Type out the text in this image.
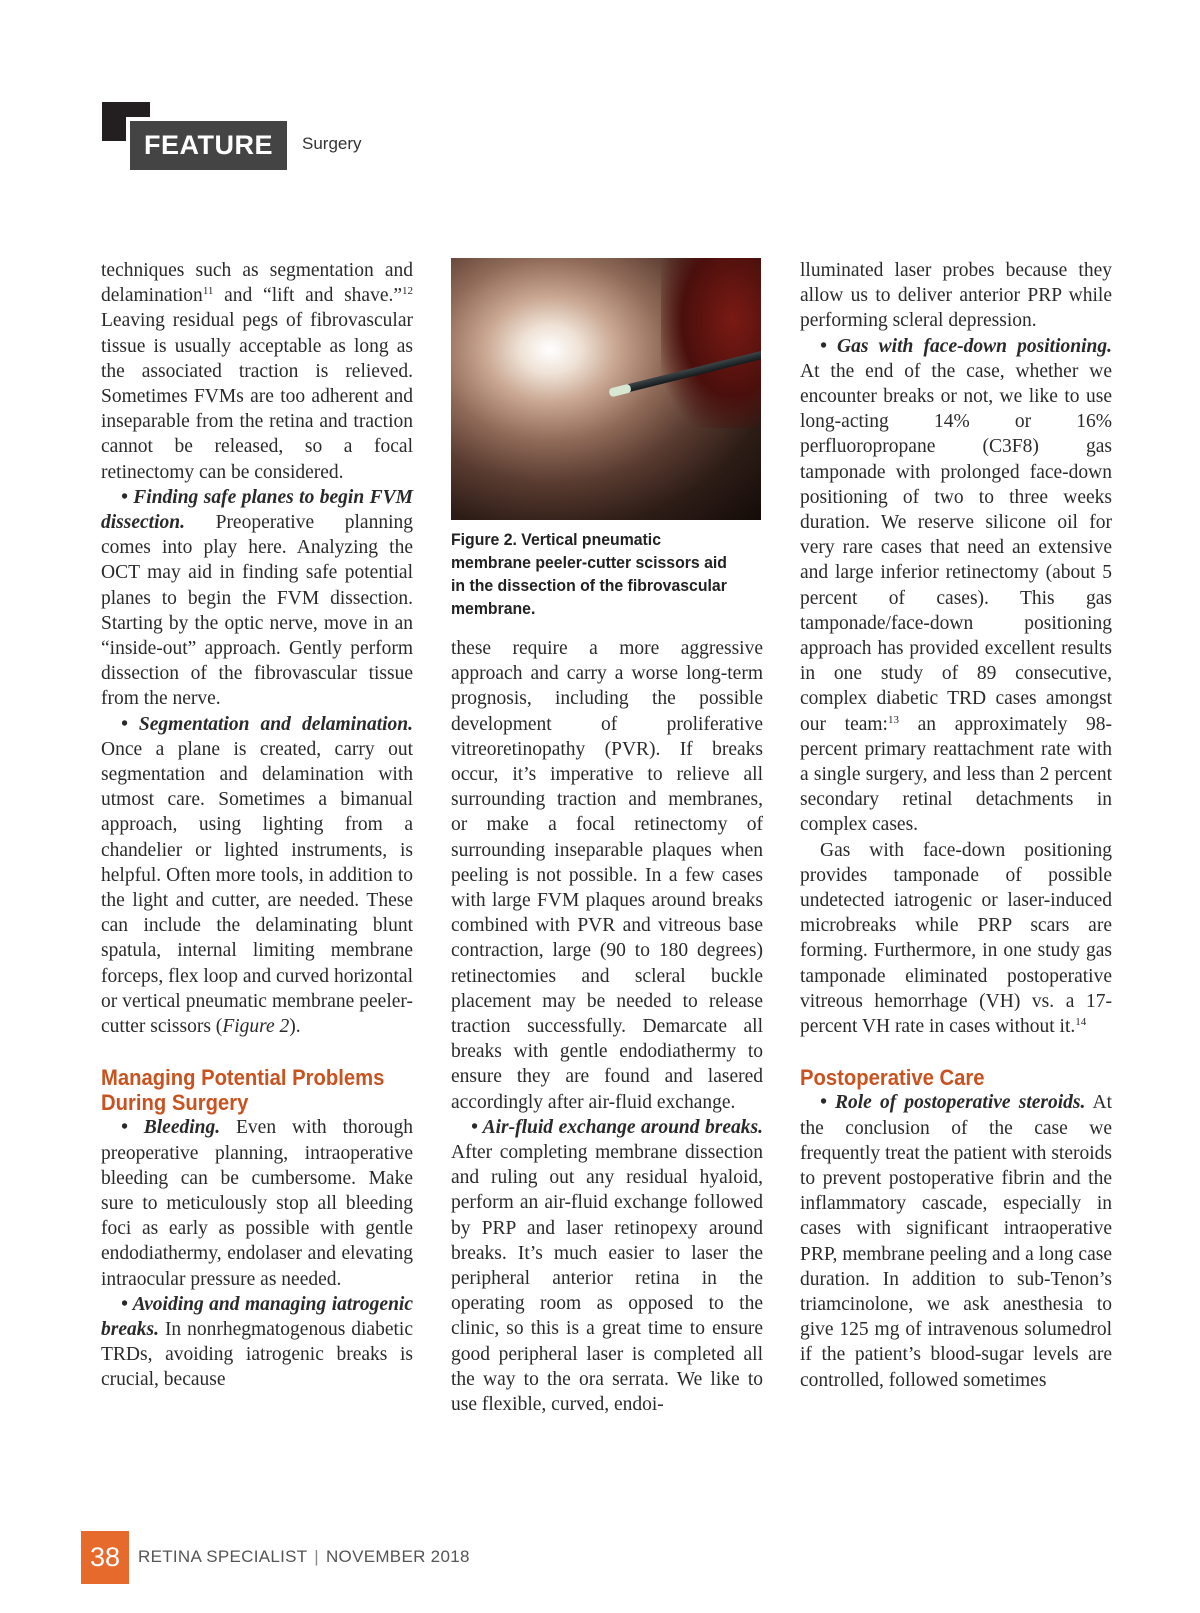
FEATURE	Surgery

techniques such as segmentation and delamination$^{11}$ and “lift and shave.”$^{12}$ Leaving residual pegs of fibrovascular tissue is usually acceptable as long as the associated traction is relieved. Sometimes FVMs are too adherent and inseparable from the retina and traction cannot be released, so a focal retinectomy can be considered.

• Finding safe planes to begin FVM dissection. Preoperative planning comes into play here. Analyzing the OCT may aid in finding safe potential planes to begin the FVM dissection. Starting by the optic nerve, move in an “inside-out” approach. Gently perform dissection of the fibrovascular tissue from the nerve.

• Segmentation and delamination. Once a plane is created, carry out segmentation and delamination with utmost care. Sometimes a bimanual approach, using lighting from a chandelier or lighted instruments, is helpful. Often more tools, in addition to the light and cutter, are needed. These can include the delaminating blunt spatula, internal limiting membrane forceps, flex loop and curved horizontal or vertical pneumatic membrane peeler-cutter scissors (Figure 2).

Managing Potential Problems During Surgery

• Bleeding. Even with thorough preoperative planning, intraoperative bleeding can be cumbersome. Make sure to meticulously stop all bleeding foci as early as possible with gentle endodiathermy, endolaser and elevating intraocular pressure as needed.

• Avoiding and managing iatrogenic breaks. In nonrhegmatogenous diabetic TRDs, avoiding iatrogenic breaks is crucial, because

Figure 2. Vertical pneumatic membrane peeler-cutter scissors aid in the dissection of the fibrovascular membrane.

these require a more aggressive approach and carry a worse long-term prognosis, including the possible development of proliferative vitreoretinopathy (PVR). If breaks occur, it’s imperative to relieve all surrounding traction and membranes, or make a focal retinectomy of surrounding inseparable plaques when peeling is not possible. In a few cases with large FVM plaques around breaks combined with PVR and vitreous base contraction, large (90 to 180 degrees) retinectomies and scleral buckle placement may be needed to release traction successfully. Demarcate all breaks with gentle endodiathermy to ensure they are found and lasered accordingly after air-fluid exchange.

• Air-fluid exchange around breaks. After completing membrane dissection and ruling out any residual hyaloid, perform an air-fluid exchange followed by PRP and laser retinopexy around breaks. It’s much easier to laser the peripheral anterior retina in the operating room as opposed to the clinic, so this is a great time to ensure good peripheral laser is completed all the way to the ora serrata. We like to use flexible, curved, endoi-

lluminated laser probes because they allow us to deliver anterior PRP while performing scleral depression.

• Gas with face-down positioning. At the end of the case, whether we encounter breaks or not, we like to use long-acting 14% or 16% perfluoropropane (C3F8) gas tamponade with prolonged face-down positioning of two to three weeks duration. We reserve silicone oil for very rare cases that need an extensive and large inferior retinectomy (about 5 percent of cases). This gas tamponade/face-down positioning approach has provided excellent results in one study of 89 consecutive, complex diabetic TRD cases amongst our team:$^{13}$ an approximately 98-percent primary reattachment rate with a single surgery, and less than 2 percent secondary retinal detachments in complex cases.

Gas with face-down positioning provides tamponade of possible undetected iatrogenic or laser-induced microbreaks while PRP scars are forming. Furthermore, in one study gas tamponade eliminated postoperative vitreous hemorrhage (VH) vs. a 17-percent VH rate in cases without it.$^{14}$

Postoperative Care

• Role of postoperative steroids. At the conclusion of the case we frequently treat the patient with steroids to prevent postoperative fibrin and the inflammatory cascade, especially in cases with significant intraoperative PRP, membrane peeling and a long case duration. In addition to sub-Tenon’s triamcinolone, we ask anesthesia to give 125 mg of intravenous solumedrol if the patient’s blood-sugar levels are controlled, followed sometimes

38	RETINA SPECIALIST | NOVEMBER 2018
